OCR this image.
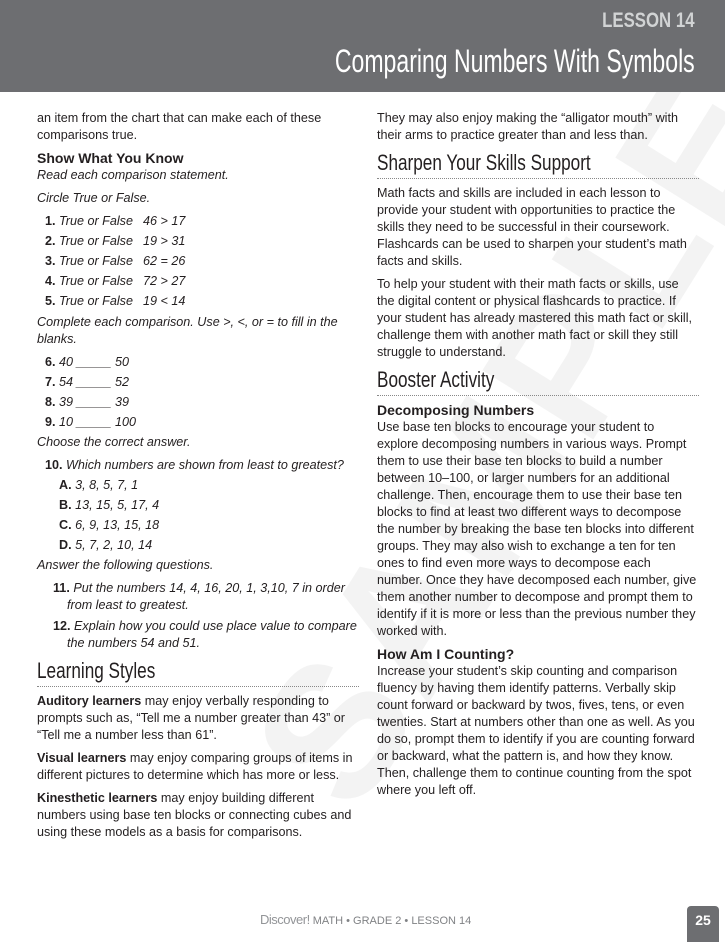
LESSON 14
Comparing Numbers With Symbols

an item from the chart that can make each of these comparisons true.

Show What You Know

Read each comparison statement.

Circle True or False.

1. True or False 46 > 17
2. True or False 19 > 31
3. True or False 62 = 26
4. True or False 72 > 27
5. True or False 19 < 14

Complete each comparison. Use >, <, or = to fill in the blanks.

6. 40 _____ 50
7. 54 _____ 52
8. 39 _____ 39
9. 10 _____ 100

Choose the correct answer.

10. Which numbers are shown from least to greatest?
A. 3, 8, 5, 7, 1
B. 13, 15, 5, 17, 4
C. 6, 9, 13, 15, 18
D. 5, 7, 2, 10, 14

Answer the following questions.

11. Put the numbers 14, 4, 16, 20, 1, 3,10, 7 in order from least to greatest.
12. Explain how you could use place value to compare the numbers 54 and 51.
Learning Styles

Auditory learners may enjoy verbally responding to prompts such as, “Tell me a number greater than 43” or “Tell me a number less than 61”.

Visual learners may enjoy comparing groups of items in different pictures to determine which has more or less.

Kinesthetic learners may enjoy building different numbers using base ten blocks or connecting cubes and using these models as a basis for comparisons.

They may also enjoy making the “alligator mouth” with their arms to practice greater than and less than.

Sharpen Your Skills Support

Math facts and skills are included in each lesson to provide your student with opportunities to practice the skills they need to be successful in their coursework. Flashcards can be used to sharpen your student’s math facts and skills.

To help your student with their math facts or skills, use the digital content or physical flashcards to practice. If your student has already mastered this math fact or skill, challenge them with another math fact or skill they still struggle to understand.

Booster Activity
Decomposing Numbers

Use base ten blocks to encourage your student to explore decomposing numbers in various ways. Prompt them to use their base ten blocks to build a number between 10–100, or larger numbers for an additional challenge. Then, encourage them to use their base ten blocks to find at least two different ways to decompose the number by breaking the base ten blocks into different groups. They may also wish to exchange a ten for ten ones to find even more ways to decompose each number. Once they have decomposed each number, give them another number to decompose and prompt them to identify if it is more or less than the previous number they worked with.

How Am I Counting?

Increase your student’s skip counting and comparison fluency by having them identify patterns. Verbally skip count forward or backward by twos, fives, tens, or even twenties. Start at numbers other than one as well. As you do so, prompt them to identify if you are counting forward or backward, what the pattern is, and how they know. Then, challenge them to continue counting from the spot where you left off.

Discover! MATH • GRADE 2 • LESSON 14	25
